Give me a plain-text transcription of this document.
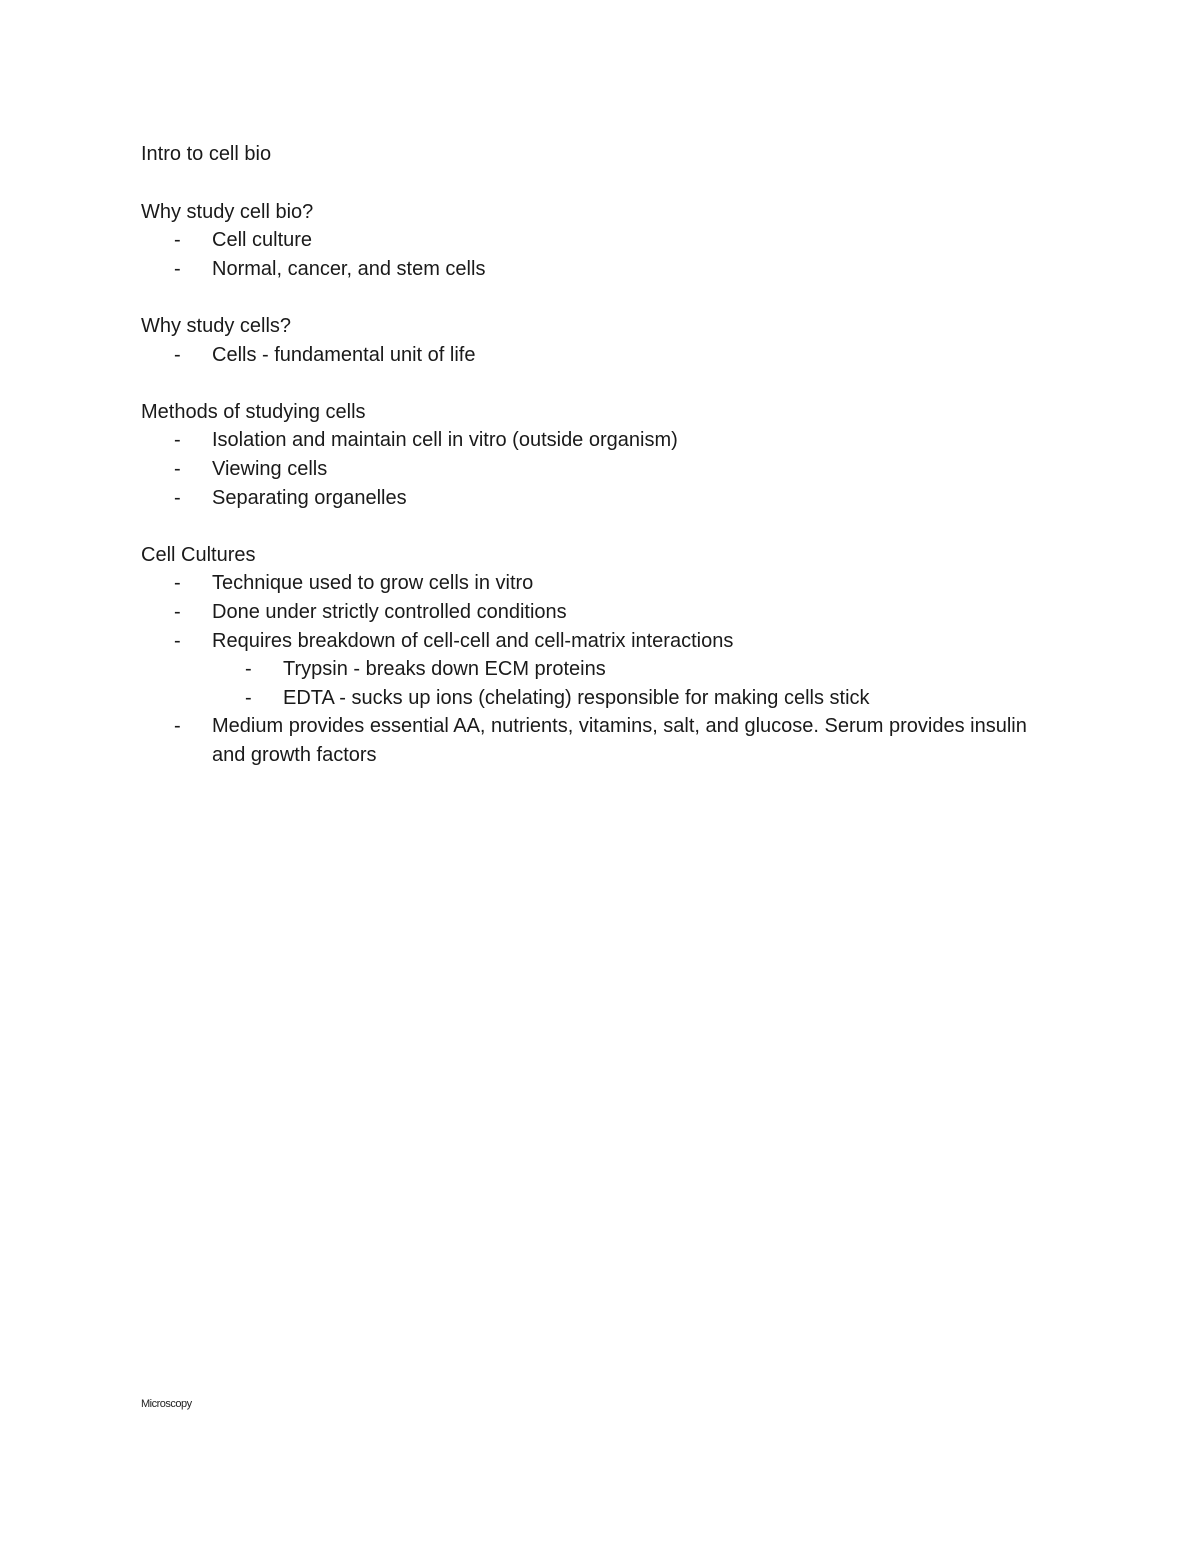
Intro to cell bio
Why study cell bio?
- Cell culture
- Normal, cancer, and stem cells
Why study cells?
- Cells - fundamental unit of life
Methods of studying cells
- Isolation and maintain cell in vitro (outside organism)
- Viewing cells
- Separating organelles
Cell Cultures
- Technique used to grow cells in vitro
- Done under strictly controlled conditions
- Requires breakdown of cell-cell and cell-matrix interactions
- Trypsin - breaks down ECM proteins
- EDTA - sucks up ions (chelating) responsible for making cells stick
- Medium provides essential AA, nutrients, vitamins, salt, and glucose. Serum provides insulin and growth factors
Microscopy
